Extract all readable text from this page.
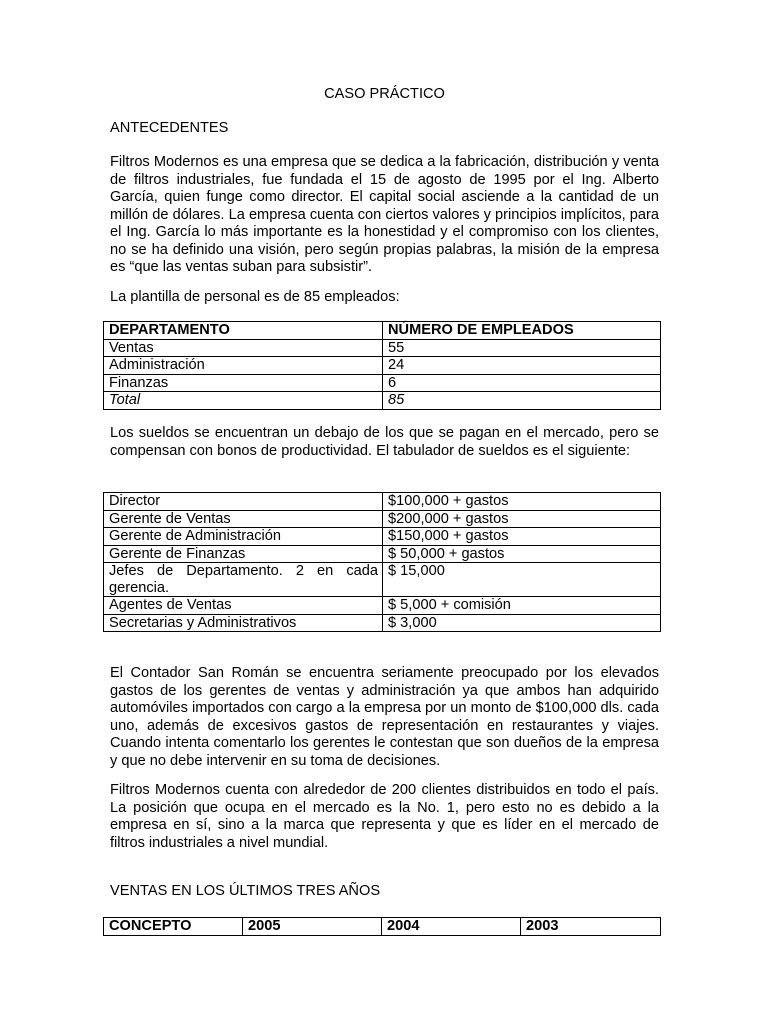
CASO PRÁCTICO
ANTECEDENTES

Filtros Modernos es una empresa que se dedica a la fabricación, distribución y venta de filtros industriales, fue fundada el 15 de agosto de 1995 por el Ing. Alberto García, quien funge como director. El capital social asciende a la cantidad de un millón de dólares. La empresa cuenta con ciertos valores y principios implícitos, para el Ing. García lo más importante es la honestidad y el compromiso con los clientes, no se ha definido una visión, pero según propias palabras, la misión de la empresa es “que las ventas suban para subsistir”.

La plantilla de personal es de 85 empleados:

DEPARTAMENTO	NÚMERO DE EMPLEADOS
Ventas	55
Administración	24
Finanzas	6
Total	85

Los sueldos se encuentran un debajo de los que se pagan en el mercado, pero se compensan con bonos de productividad. El tabulador de sueldos es el siguiente:

Director	$100,000 + gastos
Gerente de Ventas	$200,000 + gastos
Gerente de Administración	$150,000 + gastos
Gerente de Finanzas	$ 50,000 + gastos
Jefes de Departamento. 2 en cada gerencia.	$ 15,000
Agentes de Ventas	$ 5,000 + comisión
Secretarias y Administrativos	$ 3,000

El Contador San Román se encuentra seriamente preocupado por los elevados gastos de los gerentes de ventas y administración ya que ambos han adquirido automóviles importados con cargo a la empresa por un monto de $100,000 dls. cada uno, además de excesivos gastos de representación en restaurantes y viajes. Cuando intenta comentarlo los gerentes le contestan que son dueños de la empresa y que no debe intervenir en su toma de decisiones.

Filtros Modernos cuenta con alrededor de 200 clientes distribuidos en todo el país. La posición que ocupa en el mercado es la No. 1, pero esto no es debido a la empresa en sí, sino a la marca que representa y que es líder en el mercado de filtros industriales a nivel mundial.

VENTAS EN LOS ÚLTIMOS TRES AÑOS
CONCEPTO	2005	2004	2003
